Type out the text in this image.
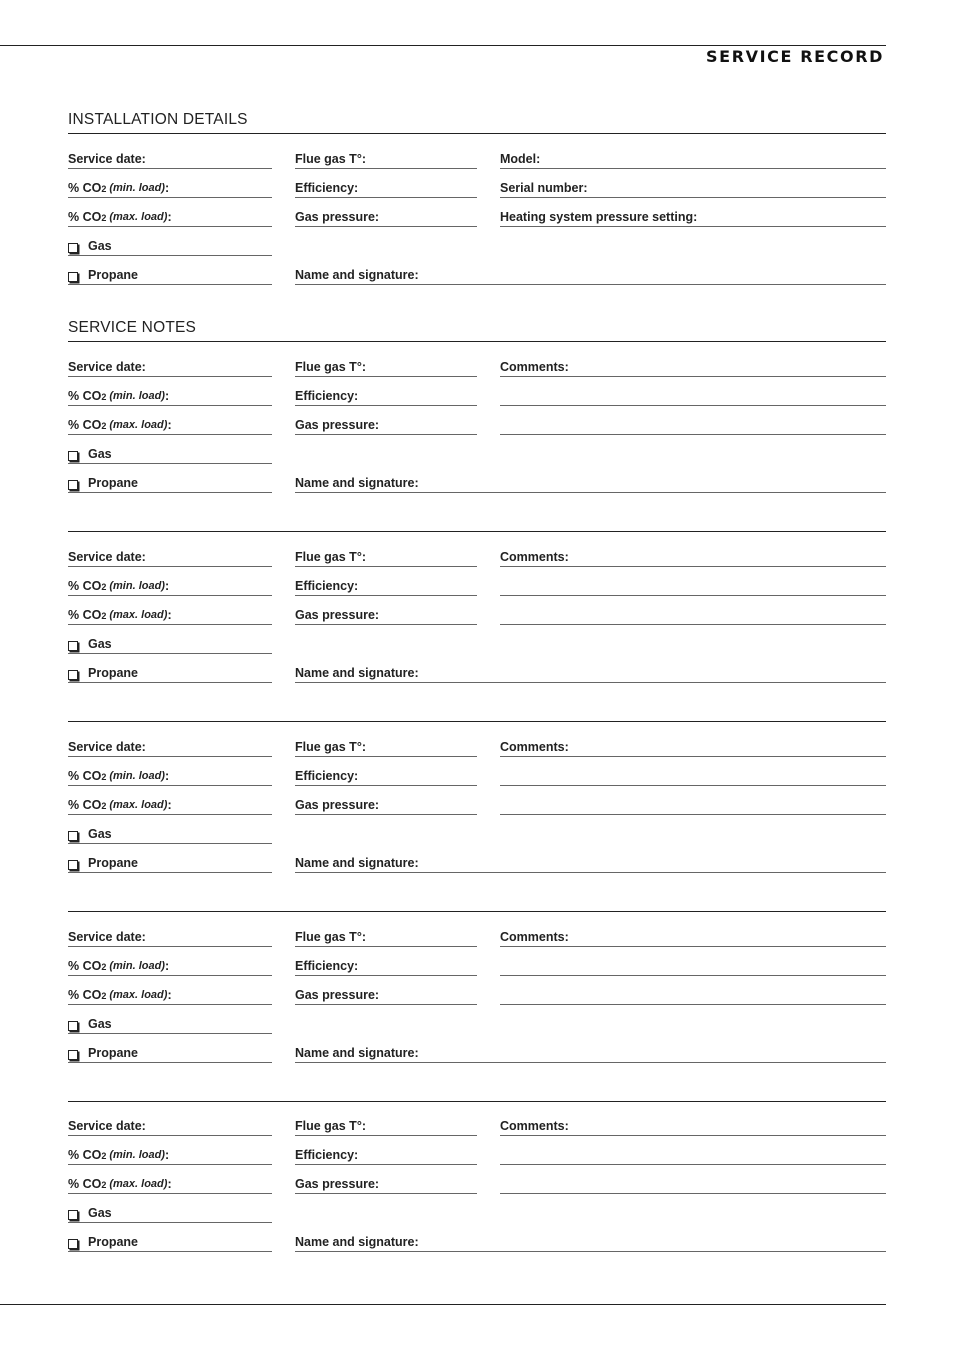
SERVICE RECORD
INSTALLATION DETAILS
Service date:
% CO 2 (min. load) :
% CO 2 (max. load) :
Gas
Propane
Flue gas T°:
Efficiency:
Gas pressure:
Model:
Serial number:
Heating system pressure setting:
Name and signature:
SERVICE NOTES
Service date:
% CO 2 (min. load) :
% CO 2 (max. load) :
Gas
Propane
Flue gas T°:
Efficiency:
Gas pressure:
Comments:
Name and signature:
Service date:
% CO 2 (min. load) :
% CO 2 (max. load) :
Gas
Propane
Flue gas T°:
Efficiency:
Gas pressure:
Comments:
Name and signature:
Service date:
% CO 2 (min. load) :
% CO 2 (max. load) :
Gas
Propane
Flue gas T°:
Efficiency:
Gas pressure:
Comments:
Name and signature:
Service date:
% CO 2 (min. load) :
% CO 2 (max. load) :
Gas
Propane
Flue gas T°:
Efficiency:
Gas pressure:
Comments:
Name and signature:
Service date:
% CO 2 (min. load) :
% CO 2 (max. load) :
Gas
Propane
Flue gas T°:
Efficiency:
Gas pressure:
Comments:
Name and signature:
